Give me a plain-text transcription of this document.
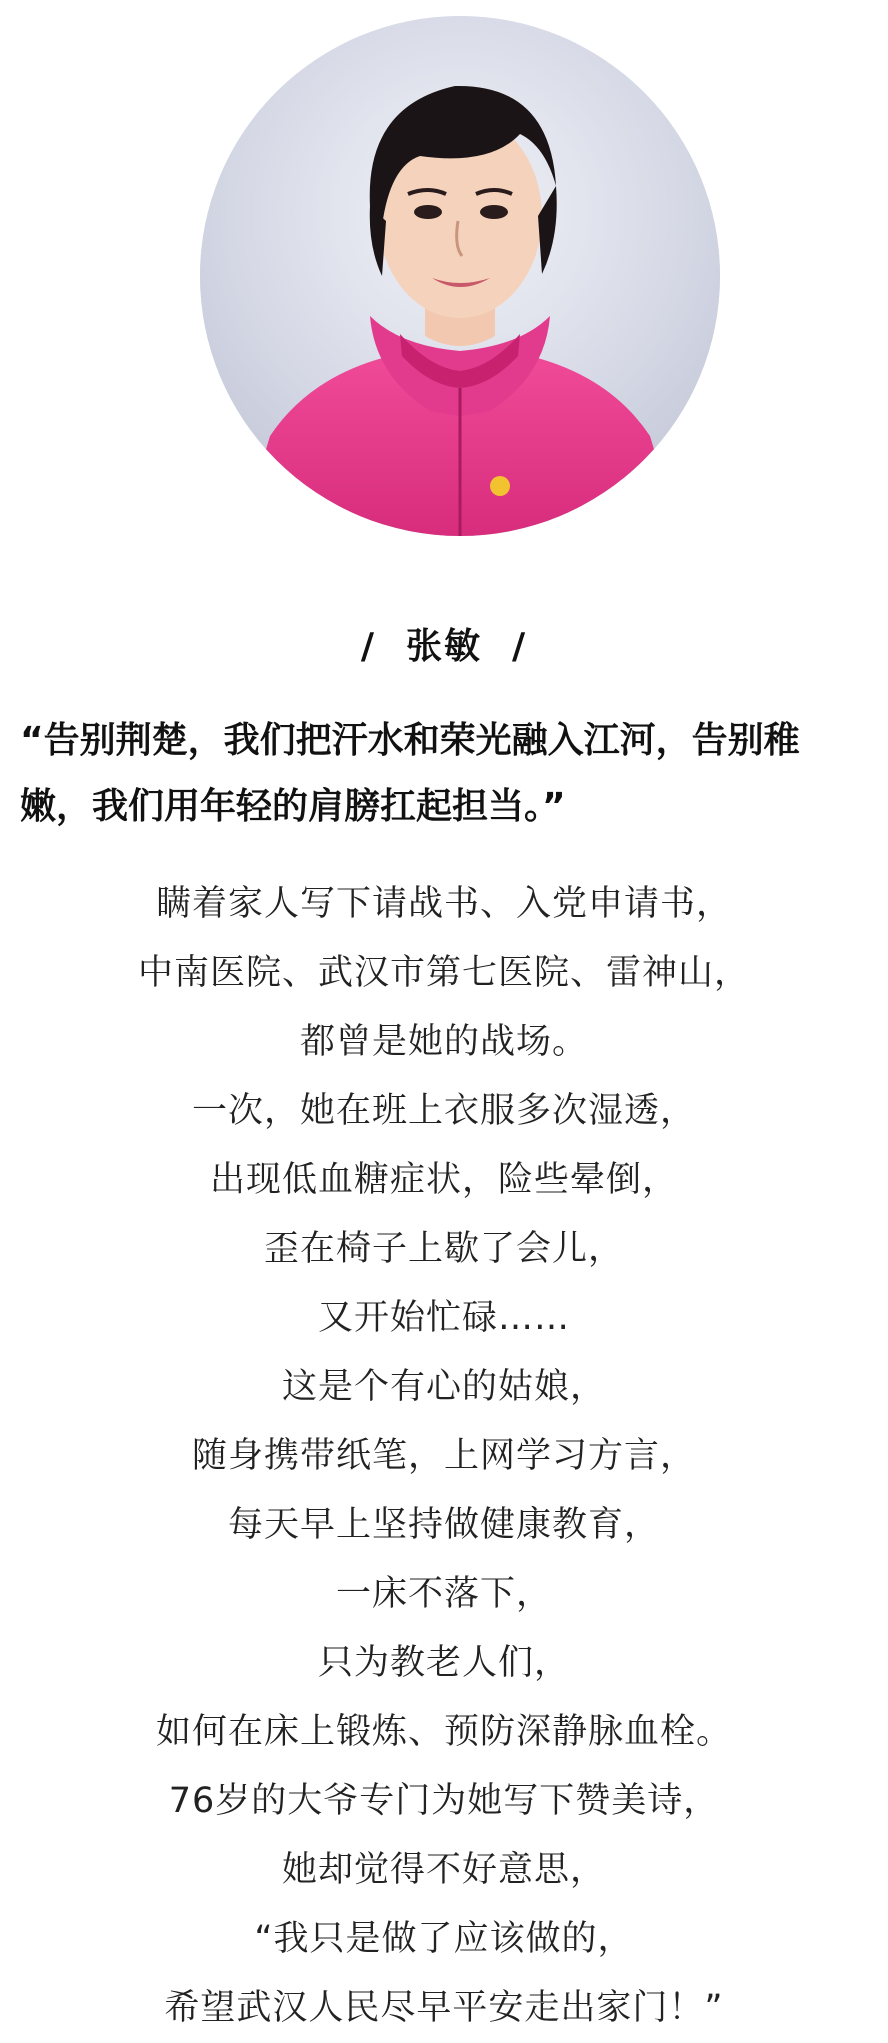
/ 张敏 /
“告别荆楚，我们把汗水和荣光融入江河，告别稚嫩，我们用年轻的肩膀扛起担当。”
瞒着家人写下请战书、入党申请书，
中南医院、武汉市第七医院、雷神山，
都曾是她的战场。
一次，她在班上衣服多次湿透，
出现低血糖症状，险些晕倒，
歪在椅子上歇了会儿，
又开始忙碌……
这是个有心的姑娘，
随身携带纸笔，上网学习方言，
每天早上坚持做健康教育，
一床不落下，
只为教老人们，
如何在床上锻炼、预防深静脉血栓。
76岁的大爷专门为她写下赞美诗，
她却觉得不好意思，
“我只是做了应该做的，
希望武汉人民尽早平安走出家门！”
